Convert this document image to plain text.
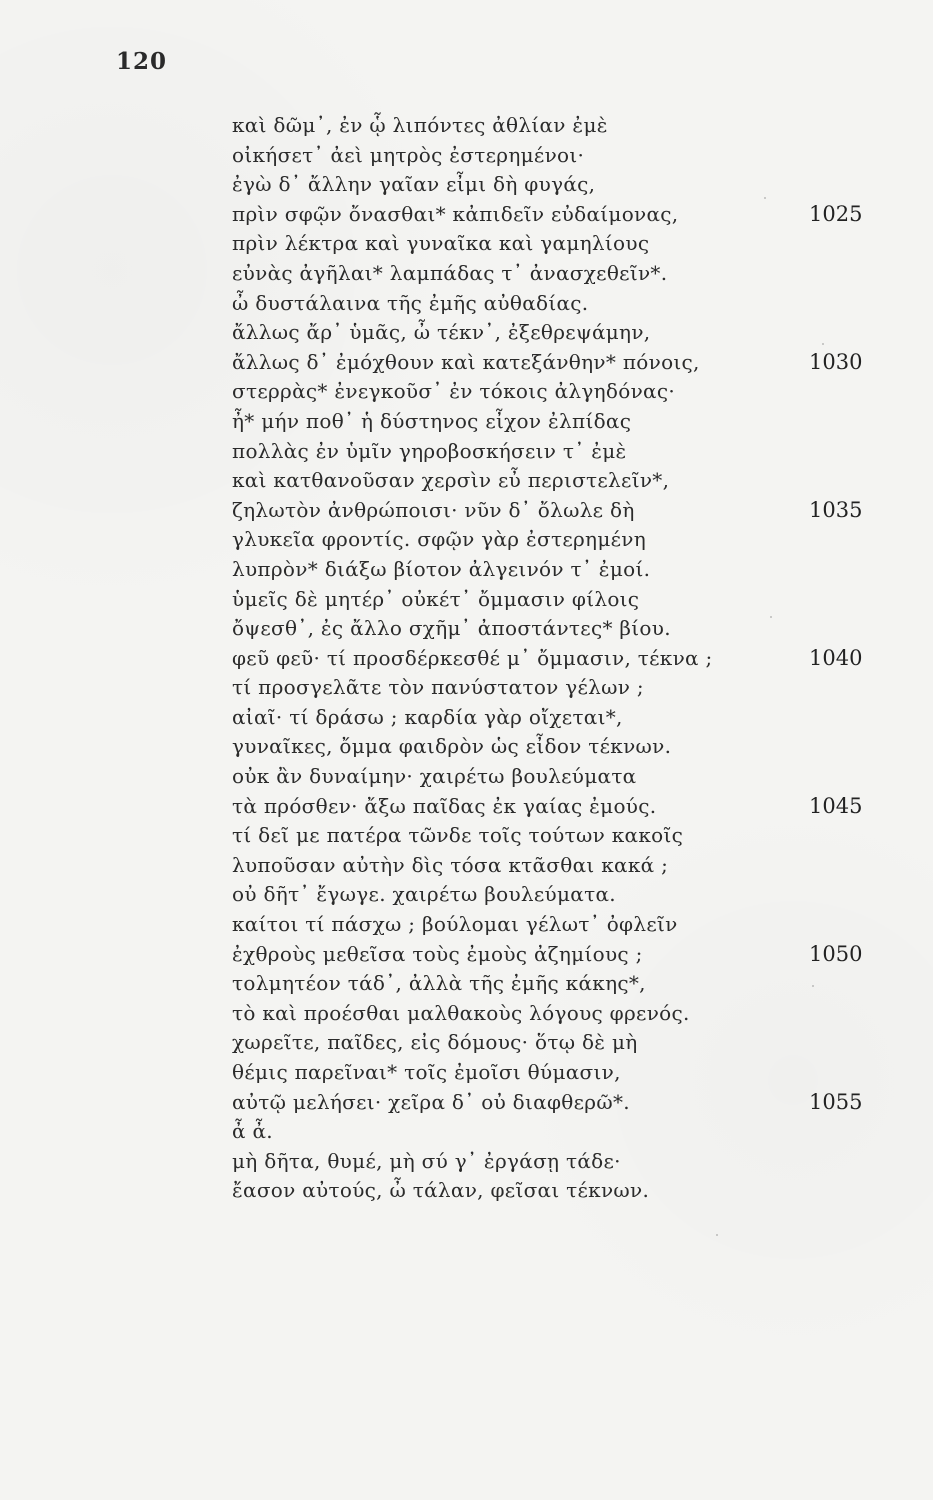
120
καὶ δῶμ᾽, ἐν ᾧ λιπόντες ἀθλίαν ἐμὲ
οἰκήσετ᾽ ἀεὶ μητρὸς ἐστερημένοι·
ἐγὼ δ᾽ ἄλλην γαῖαν εἶμι δὴ φυγάς,
πρὶν σφῷν ὄνασθαι* κἀπιδεῖν εὐδαίμονας,	1025
πρὶν λέκτρα καὶ γυναῖκα καὶ γαμηλίους
εὐνὰς ἀγῆλαι* λαμπάδας τ᾽ ἀνασχεθεῖν*.
ὦ δυστάλαινα τῆς ἐμῆς αὐθαδίας.
ἄλλως ἄρ᾽ ὑμᾶς, ὦ τέκν᾽, ἐξεθρεψάμην,
ἄλλως δ᾽ ἐμόχθουν καὶ κατεξάνθην* πόνοις,	1030
στερρὰς* ἐνεγκοῦσ᾽ ἐν τόκοις ἀλγηδόνας·
ἦ* μήν ποθ᾽ ἡ δύστηνος εἶχον ἐλπίδας
πολλὰς ἐν ὑμῖν γηροβοσκήσειν τ᾽ ἐμὲ
καὶ κατθανοῦσαν χερσὶν εὖ περιστελεῖν*,
ζηλωτὸν ἀνθρώποισι· νῦν δ᾽ ὄλωλε δὴ	1035
γλυκεῖα φροντίς. σφῷν γὰρ ἐστερημένη
λυπρὸν* διάξω βίοτον ἀλγεινόν τ᾽ ἐμοί.
ὑμεῖς δὲ μητέρ᾽ οὐκέτ᾽ ὄμμασιν φίλοις
ὄψεσθ᾽, ἐς ἄλλο σχῆμ᾽ ἀποστάντες* βίου.
φεῦ φεῦ· τί προσδέρκεσθέ μ᾽ ὄμμασιν, τέκνα ;	1040
τί προσγελᾶτε τὸν πανύστατον γέλων ;
αἰαῖ· τί δράσω ; καρδία γὰρ οἴχεται*,
γυναῖκες, ὄμμα φαιδρὸν ὡς εἶδον τέκνων.
οὐκ ἂν δυναίμην· χαιρέτω βουλεύματα
τὰ πρόσθεν· ἄξω παῖδας ἐκ γαίας ἐμούς.	1045
τί δεῖ με πατέρα τῶνδε τοῖς τούτων κακοῖς
λυποῦσαν αὐτὴν δὶς τόσα κτᾶσθαι κακά ;
οὐ δῆτ᾽ ἔγωγε. χαιρέτω βουλεύματα.
καίτοι τί πάσχω ; βούλομαι γέλωτ᾽ ὀφλεῖν
ἐχθροὺς μεθεῖσα τοὺς ἐμοὺς ἀζημίους ;	1050
τολμητέον τάδ᾽, ἀλλὰ τῆς ἐμῆς κάκης*,
τὸ καὶ προέσθαι μαλθακοὺς λόγους φρενός.
χωρεῖτε, παῖδες, εἰς δόμους· ὅτῳ δὲ μὴ
θέμις παρεῖναι* τοῖς ἐμοῖσι θύμασιν,
αὐτῷ μελήσει· χεῖρα δ᾽ οὐ διαφθερῶ*.	1055
ἆ ἆ.
μὴ δῆτα, θυμέ, μὴ σύ γ᾽ ἐργάσῃ τάδε·
ἔασον αὐτούς, ὦ τάλαν, φεῖσαι τέκνων.
